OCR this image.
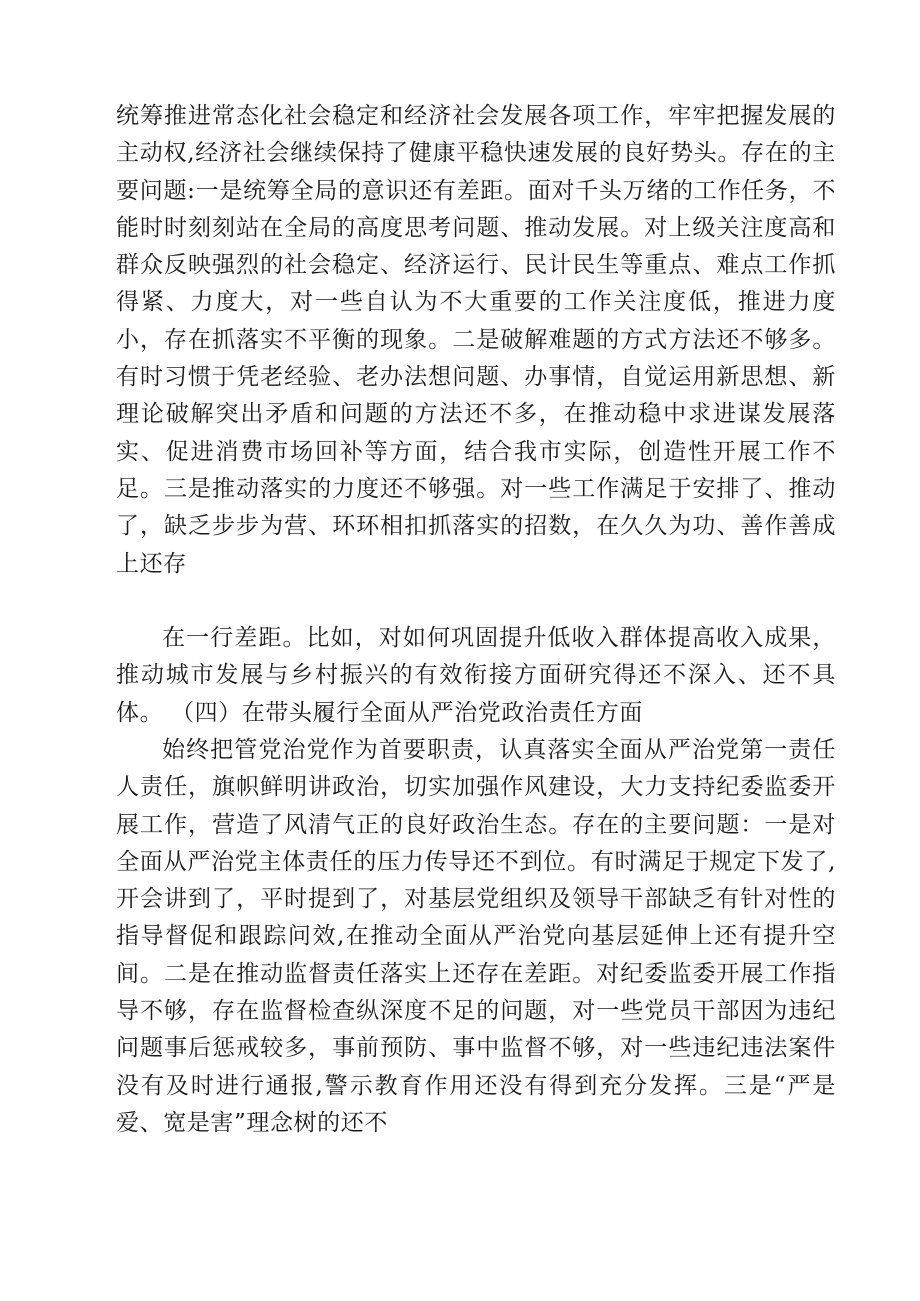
统筹推进常态化社会稳定和经济社会发展各项工作，牢牢把握发展的主动权,经济社会继续保持了健康平稳快速发展的良好势头。存在的主要问题:一是统筹全局的意识还有差距。面对千头万绪的工作任务，不能时时刻刻站在全局的高度思考问题、推动发展。对上级关注度高和群众反映强烈的社会稳定、经济运行、民计民生等重点、难点工作抓得紧、力度大，对一些自认为不大重要的工作关注度低，推进力度小，存在抓落实不平衡的现象。二是破解难题的方式方法还不够多。有时习惯于凭老经验、老办法想问题、办事情，自觉运用新思想、新理论破解突出矛盾和问题的方法还不多，在推动稳中求进谋发展落实、促进消费市场回补等方面，结合我市实际，创造性开展工作不足。三是推动落实的力度还不够强。对一些工作满足于安排了、推动了，缺乏步步为营、环环相扣抓落实的招数，在久久为功、善作善成上还存

在一行差距。比如，对如何巩固提升低收入群体提高收入成果，推动城市发展与乡村振兴的有效衔接方面研究得还不深入、还不具体。 （四）在带头履行全面从严治党政治责任方面

始终把管党治党作为首要职责，认真落实全面从严治党第一责任人责任，旗帜鲜明讲政治，切实加强作风建设，大力支持纪委监委开展工作，营造了风清气正的良好政治生态。存在的主要问题：一是对全面从严治党主体责任的压力传导还不到位。有时满足于规定下发了,开会讲到了，平时提到了，对基层党组织及领导干部缺乏有针对性的指导督促和跟踪问效,在推动全面从严治党向基层延伸上还有提升空间。二是在推动监督责任落实上还存在差距。对纪委监委开展工作指导不够，存在监督检查纵深度不足的问题，对一些党员干部因为违纪问题事后惩戒较多，事前预防、事中监督不够，对一些违纪违法案件没有及时进行通报,警示教育作用还没有得到充分发挥。三是“严是爱、宽是害”理念树的还不
